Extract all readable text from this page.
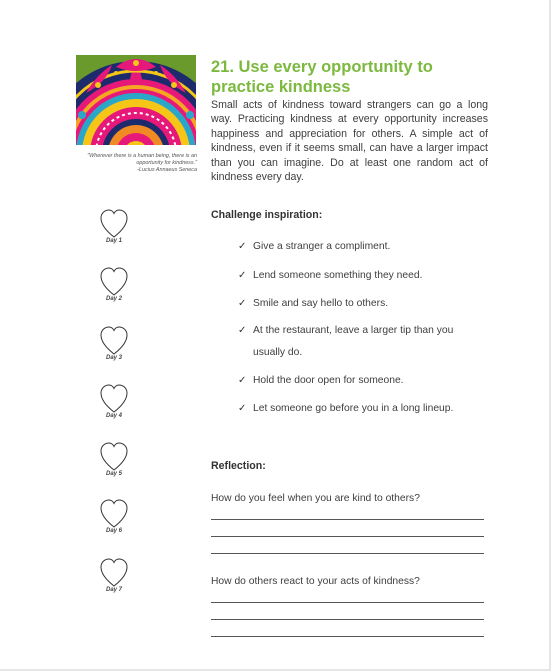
"Wherever there is a human being, there is an opportunity for kindness."
-Lucius Annaeus Seneca
Day 1
Day 2
Day 3
Day 4
Day 5
Day 6
Day 7
21. Use every opportunity to practice kindness

Small acts of kindness toward strangers can go a long way. Practicing kindness at every opportunity increases happiness and appreciation for others. A simple act of kindness, even if it seems small, can have a larger impact than you can imagine. Do at least one random act of kindness every day.

Challenge inspiration:
✓ Give a stranger a compliment.
✓ Lend someone something they need.
✓ Smile and say hello to others.
✓ At the restaurant, leave a larger tip than you usually do.
✓ Hold the door open for someone.
✓ Let someone go before you in a long lineup.
Reflection:
How do you feel when you are kind to others?
How do others react to your acts of kindness?
